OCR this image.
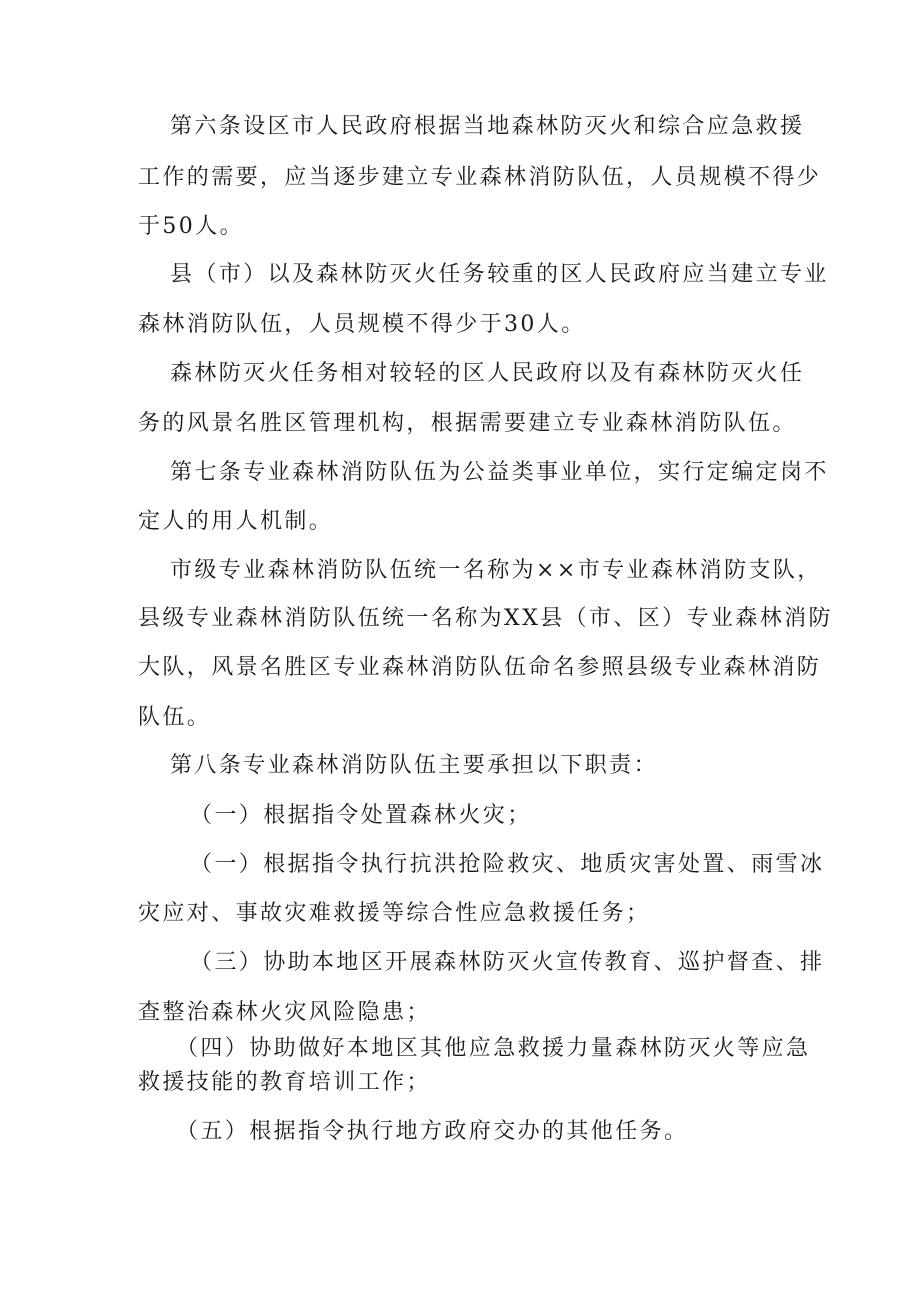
第六条设区市人民政府根据当地森林防灭火和综合应急救援
工作的需要，应当逐步建立专业森林消防队伍，人员规模不得少
于50人。
县（市）以及森林防灭火任务较重的区人民政府应当建立专业
森林消防队伍，人员规模不得少于30人。
森林防灭火任务相对较轻的区人民政府以及有森林防灭火任
务的风景名胜区管理机构，根据需要建立专业森林消防队伍。
第七条专业森林消防队伍为公益类事业单位，实行定编定岗不
定人的用人机制。
市级专业森林消防队伍统一名称为××市专业森林消防支队，
县级专业森林消防队伍统一名称为XX县（市、区）专业森林消防
大队，风景名胜区专业森林消防队伍命名参照县级专业森林消防
队伍。
第八条专业森林消防队伍主要承担以下职责：
（一）根据指令处置森林火灾；
（一）根据指令执行抗洪抢险救灾、地质灾害处置、雨雪冰
灾应对、事故灾难救援等综合性应急救援任务；
（三）协助本地区开展森林防灭火宣传教育、巡护督查、排
查整治森林火灾风险隐患；
（四）协助做好本地区其他应急救援力量森林防灭火等应急
救援技能的教育培训工作；
（五）根据指令执行地方政府交办的其他任务。
